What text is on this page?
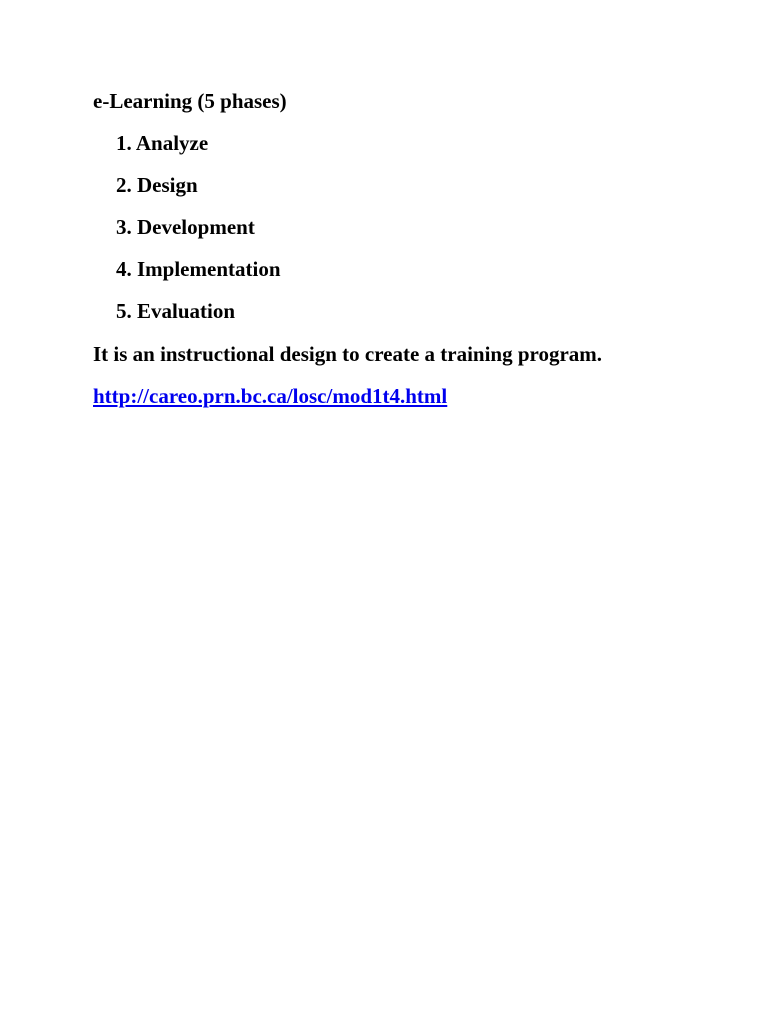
e-Learning (5 phases)
1. Analyze
2. Design
3. Development
4. Implementation
5. Evaluation
It is an instructional design to create a training program.
http://careo.prn.bc.ca/losc/mod1t4.html
